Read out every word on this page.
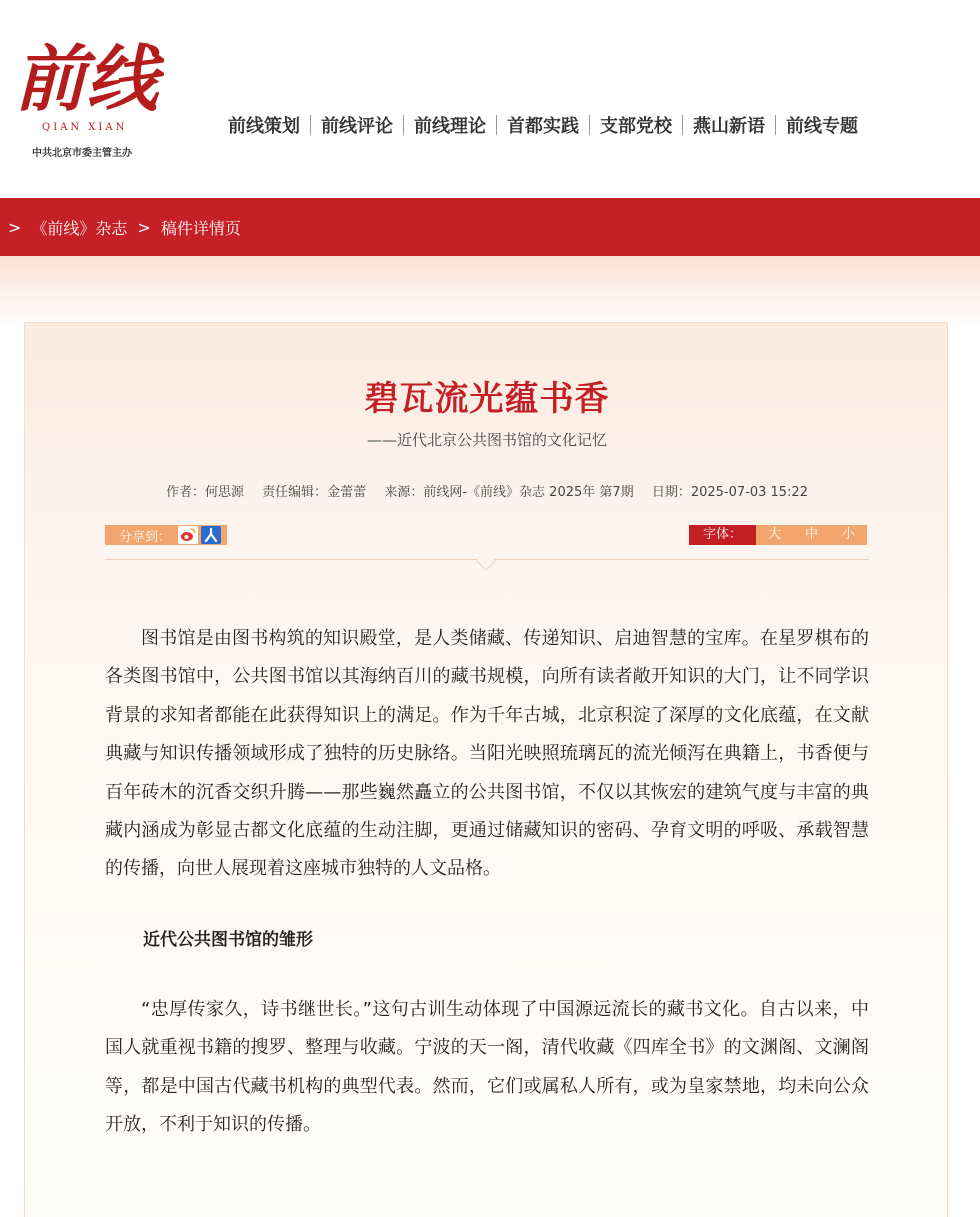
前线
QIAN XIAN
中共北京市委主管主办
前线策划	前线评论	前线理论	首都实践	支部党校	燕山新语	前线专题
> 《前线》杂志 > 稿件详情页
碧瓦流光蕴书香
——近代北京公共图书馆的文化记忆
作者：何思源 责任编辑：金蕾蕾 来源：前线网-《前线》杂志 2025年 第7期 日期：2025-07-03 15:22
分享到：	字体：	大	中	小

图书馆是由图书构筑的知识殿堂，是人类储藏、传递知识、启迪智慧的宝库。在星罗棋布的各类图书馆中，公共图书馆以其海纳百川的藏书规模，向所有读者敞开知识的大门，让不同学识背景的求知者都能在此获得知识上的满足。作为千年古城，北京积淀了深厚的文化底蕴，在文献典藏与知识传播领域形成了独特的历史脉络。当阳光映照琉璃瓦的流光倾泻在典籍上，书香便与百年砖木的沉香交织升腾——那些巍然矗立的公共图书馆，不仅以其恢宏的建筑气度与丰富的典藏内涵成为彰显古都文化底蕴的生动注脚，更通过储藏知识的密码、孕育文明的呼吸、承载智慧的传播，向世人展现着这座城市独特的人文品格。

近代公共图书馆的雏形

“忠厚传家久，诗书继世长。”这句古训生动体现了中国源远流长的藏书文化。自古以来，中国人就重视书籍的搜罗、整理与收藏。宁波的天一阁，清代收藏《四库全书》的文渊阁、文澜阁等，都是中国古代藏书机构的典型代表。然而，它们或属私人所有，或为皇家禁地，均未向公众开放，不利于知识的传播。
